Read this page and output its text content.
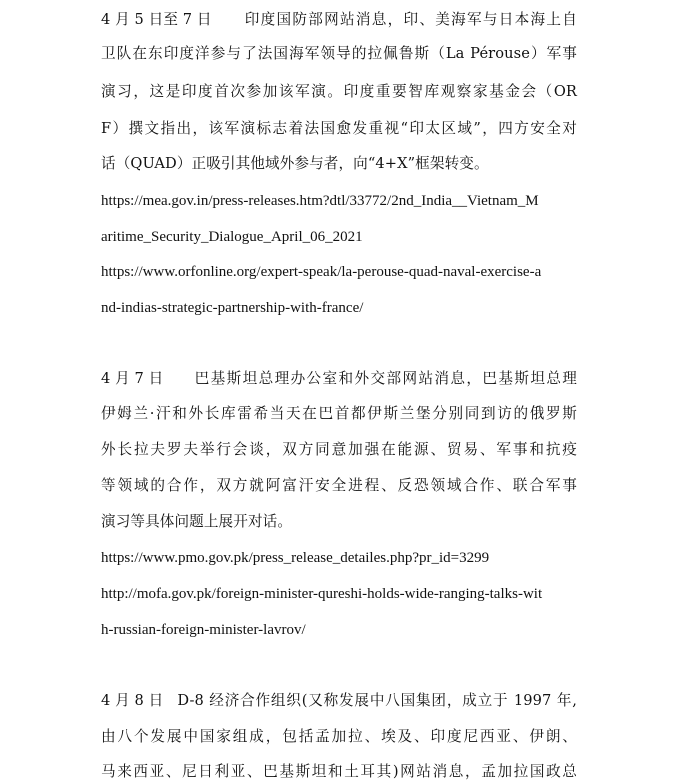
4 月 5 日至 7 日 印度国防部网站消息，印、美海军与日本海上自
卫队在东印度洋参与了法国海军领导的拉佩鲁斯（La Pérouse）军事
演习，这是印度首次参加该军演。印度重要智库观察家基金会（OR
F）撰文指出，该军演标志着法国愈发重视“印太区域”，四方安全对
话（QUAD）正吸引其他域外参与者，向“4+X”框架转变。
https://mea.gov.in/press-releases.htm?dtl/33772/2nd_India__Vietnam_M
aritime_Security_Dialogue_April_06_2021
https://www.orfonline.org/expert-speak/la-perouse-quad-naval-exercise-a
nd-indias-strategic-partnership-with-france/
4 月 7 日 巴基斯坦总理办公室和外交部网站消息，巴基斯坦总理
伊姆兰·汗和外长库雷希当天在巴首都伊斯兰堡分别同到访的俄罗斯
外长拉夫罗夫举行会谈，双方同意加强在能源、贸易、军事和抗疫
等领域的合作，双方就阿富汗安全进程、反恐领域合作、联合军事
演习等具体问题上展开对话。
https://www.pmo.gov.pk/press_release_detailes.php?pr_id=3299
http://mofa.gov.pk/foreign-minister-qureshi-holds-wide-ranging-talks-wit
h-russian-foreign-minister-lavrov/
4 月 8 日 D-8 经济合作组织(又称发展中八国集团，成立于 1997 年,
由八个发展中国家组成，包括孟加拉、埃及、印度尼西亚、伊朗、
马来西亚、尼日利亚、巴基斯坦和土耳其)网站消息，孟加拉国政总
